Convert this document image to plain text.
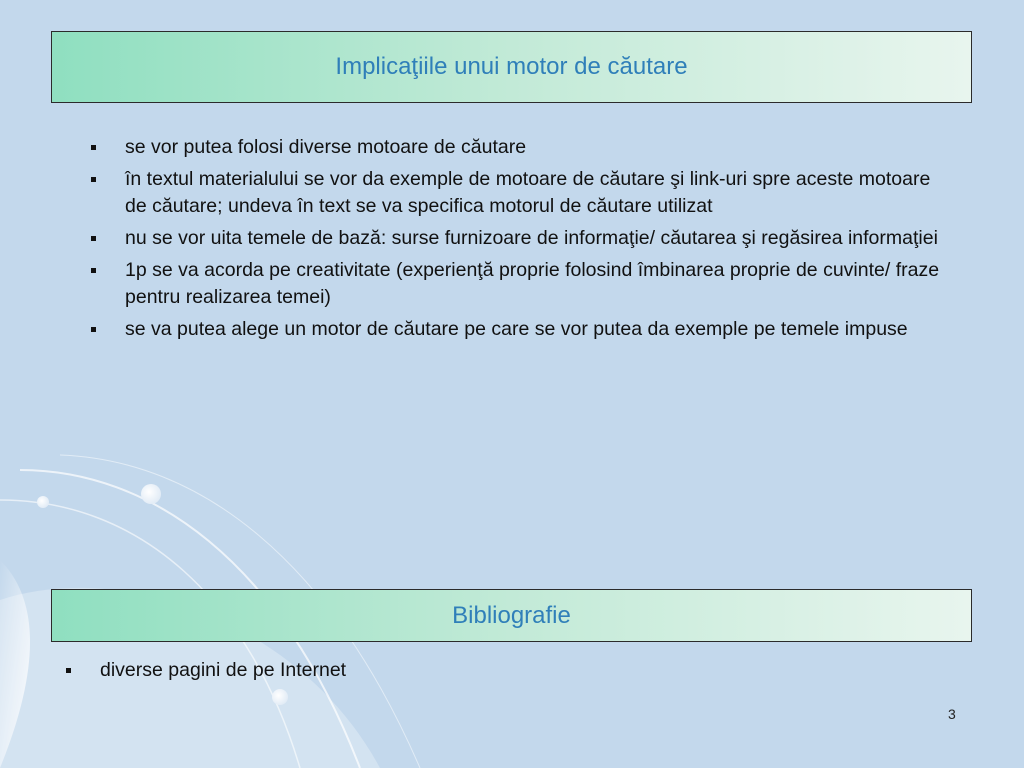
Implicaţiile unui motor de căutare
se vor putea folosi diverse motoare de căutare
în textul materialului se vor da exemple de motoare de căutare şi link-uri spre aceste motoare de căutare; undeva în text se va specifica motorul de căutare utilizat
nu se vor uita temele de bază: surse furnizoare de informaţie/ căutarea şi regăsirea informaţiei
1p se va acorda pe creativitate (experienţă proprie folosind îmbinarea proprie de cuvinte/ fraze pentru realizarea temei)
se va putea alege un motor de căutare pe care se vor putea da exemple pe temele impuse
Bibliografie
diverse pagini de pe Internet
3
